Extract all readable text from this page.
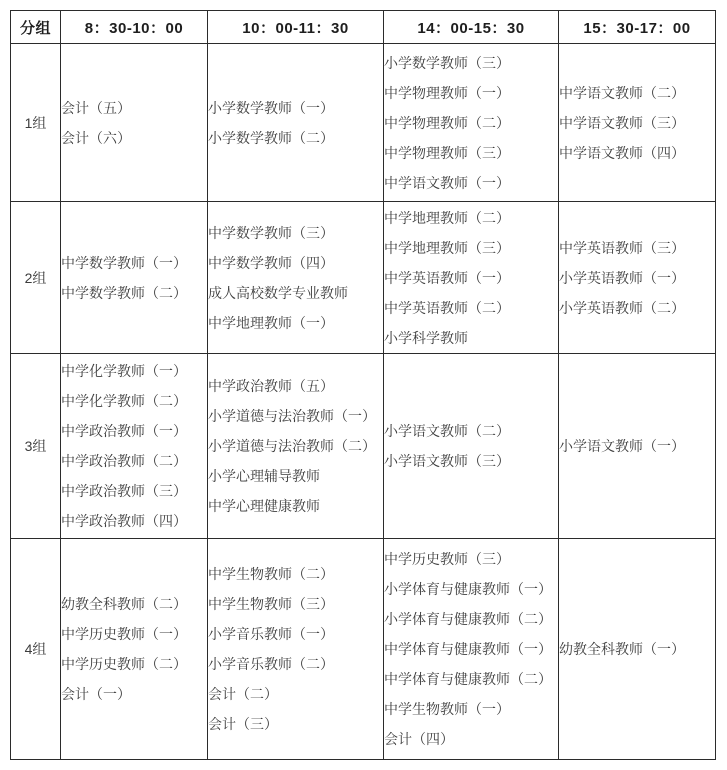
分组	8：30-10：00	10：00-11：30	14：00-15：30	15：30-17：00
1组	
会计（五）
会计（六）

小学数学教师（一）
小学数学教师（二）

小学数学教师（三）
中学物理教师（一）
中学物理教师（二）
中学物理教师（三）
中学语文教师（一）

中学语文教师（二）
中学语文教师（三）
中学语文教师（四）

2组	
中学数学教师（一）
中学数学教师（二）

中学数学教师（三）
中学数学教师（四）
成人高校数学专业教师
中学地理教师（一）

中学地理教师（二）
中学地理教师（三）
中学英语教师（一）
中学英语教师（二）
小学科学教师

中学英语教师（三）
小学英语教师（一）
小学英语教师（二）

3组	
中学化学教师（一）
中学化学教师（二）
中学政治教师（一）
中学政治教师（二）
中学政治教师（三）
中学政治教师（四）

中学政治教师（五）
小学道德与法治教师（一）
小学道德与法治教师（二）
小学心理辅导教师
中学心理健康教师

小学语文教师（二）
小学语文教师（三）

小学语文教师（一）

4组	
幼教全科教师（二）
中学历史教师（一）
中学历史教师（二）
会计（一）

中学生物教师（二）
中学生物教师（三）
小学音乐教师（一）
小学音乐教师（二）
会计（二）
会计（三）

中学历史教师（三）
小学体育与健康教师（一）
小学体育与健康教师（二）
中学体育与健康教师（一）
中学体育与健康教师（二）
中学生物教师（一）
会计（四）

幼教全科教师（一）
